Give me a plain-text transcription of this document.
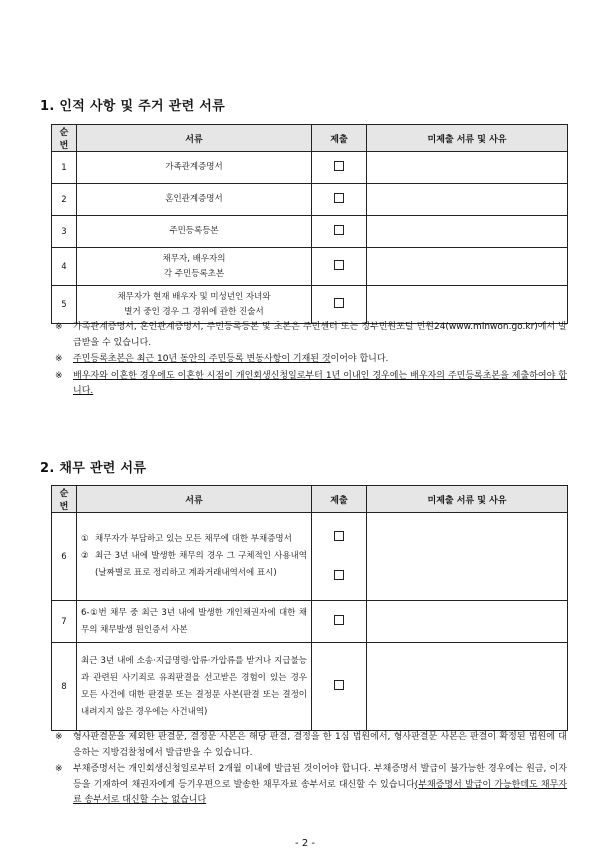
1. 인적 사항 및 주거 관련 서류
순번	서류	제출	미제출 서류 및 사유
1	가족관계증명서		
2	혼인관계증명서		
3	주민등록등본		
4	채무자, 배우자의
각 주민등록초본		

5	채무자가 현재 배우자 및 미성년인 자녀와
별거 중인 경우 그 경위에 관한 진술서		

※	가족관계증명서, 혼인관계증명서, 주민등록등본 및 초본은 주민센터 또는 정부민원포털 민원24(www.minwon.go.kr)에서 발급받을 수 있습니다.
※	주민등록초본은 최근 10년 동안의 주민등록 변동사항이 기재된 것이어야 합니다.
※	배우자와 이혼한 경우에도 이혼한 시점이 개인회생신청일로부터 1년 이내인 경우에는 배우자의 주민등록초본을 제출하여야 합니다.
2. 채무 관련 서류
순번	서류	제출	미제출 서류 및 사유
6	① 채무자가 부담하고 있는 모든 채무에 대한 부채증명서
② 최근 3년 내에 발생한 채무의 경우 그 구체적인 사용내역(날짜별로 표로 정리하고 계좌거래내역서에 표시)		

7	6-①번 채무 중 최근 3년 내에 발생한 개인채권자에 대한 채무의 채무발생 원인증서 사본		
8	최근 3년 내에 소송·지급명령·압류·가압류를 받거나 지급불능과 관련된 사기죄로 유죄판결을 선고받은 경험이 있는 경우 모든 사건에 대한 판결문 또는 결정문 사본(판결 또는 결정이 내려지지 않은 경우에는 사건내역)		
※	형사판결문을 제외한 판결문, 결정문 사본은 해당 판결, 결정을 한 1심 법원에서, 형사판결문 사본은 판결이 확정된 법원에 대응하는 지방검찰청에서 발급받을 수 있습니다.
※	부채증명서는 개인회생신청일로부터 2개월 이내에 발급된 것이어야 합니다. 부채증명서 발급이 불가능한 경우에는 원금, 이자 등을 기재하여 채권자에게 등기우편으로 발송한 채무자료 송부서로 대신할 수 있습니다(부채증명서 발급이 가능한데도 채무자료 송부서로 대신할 수는 없습니다
- 2 -
